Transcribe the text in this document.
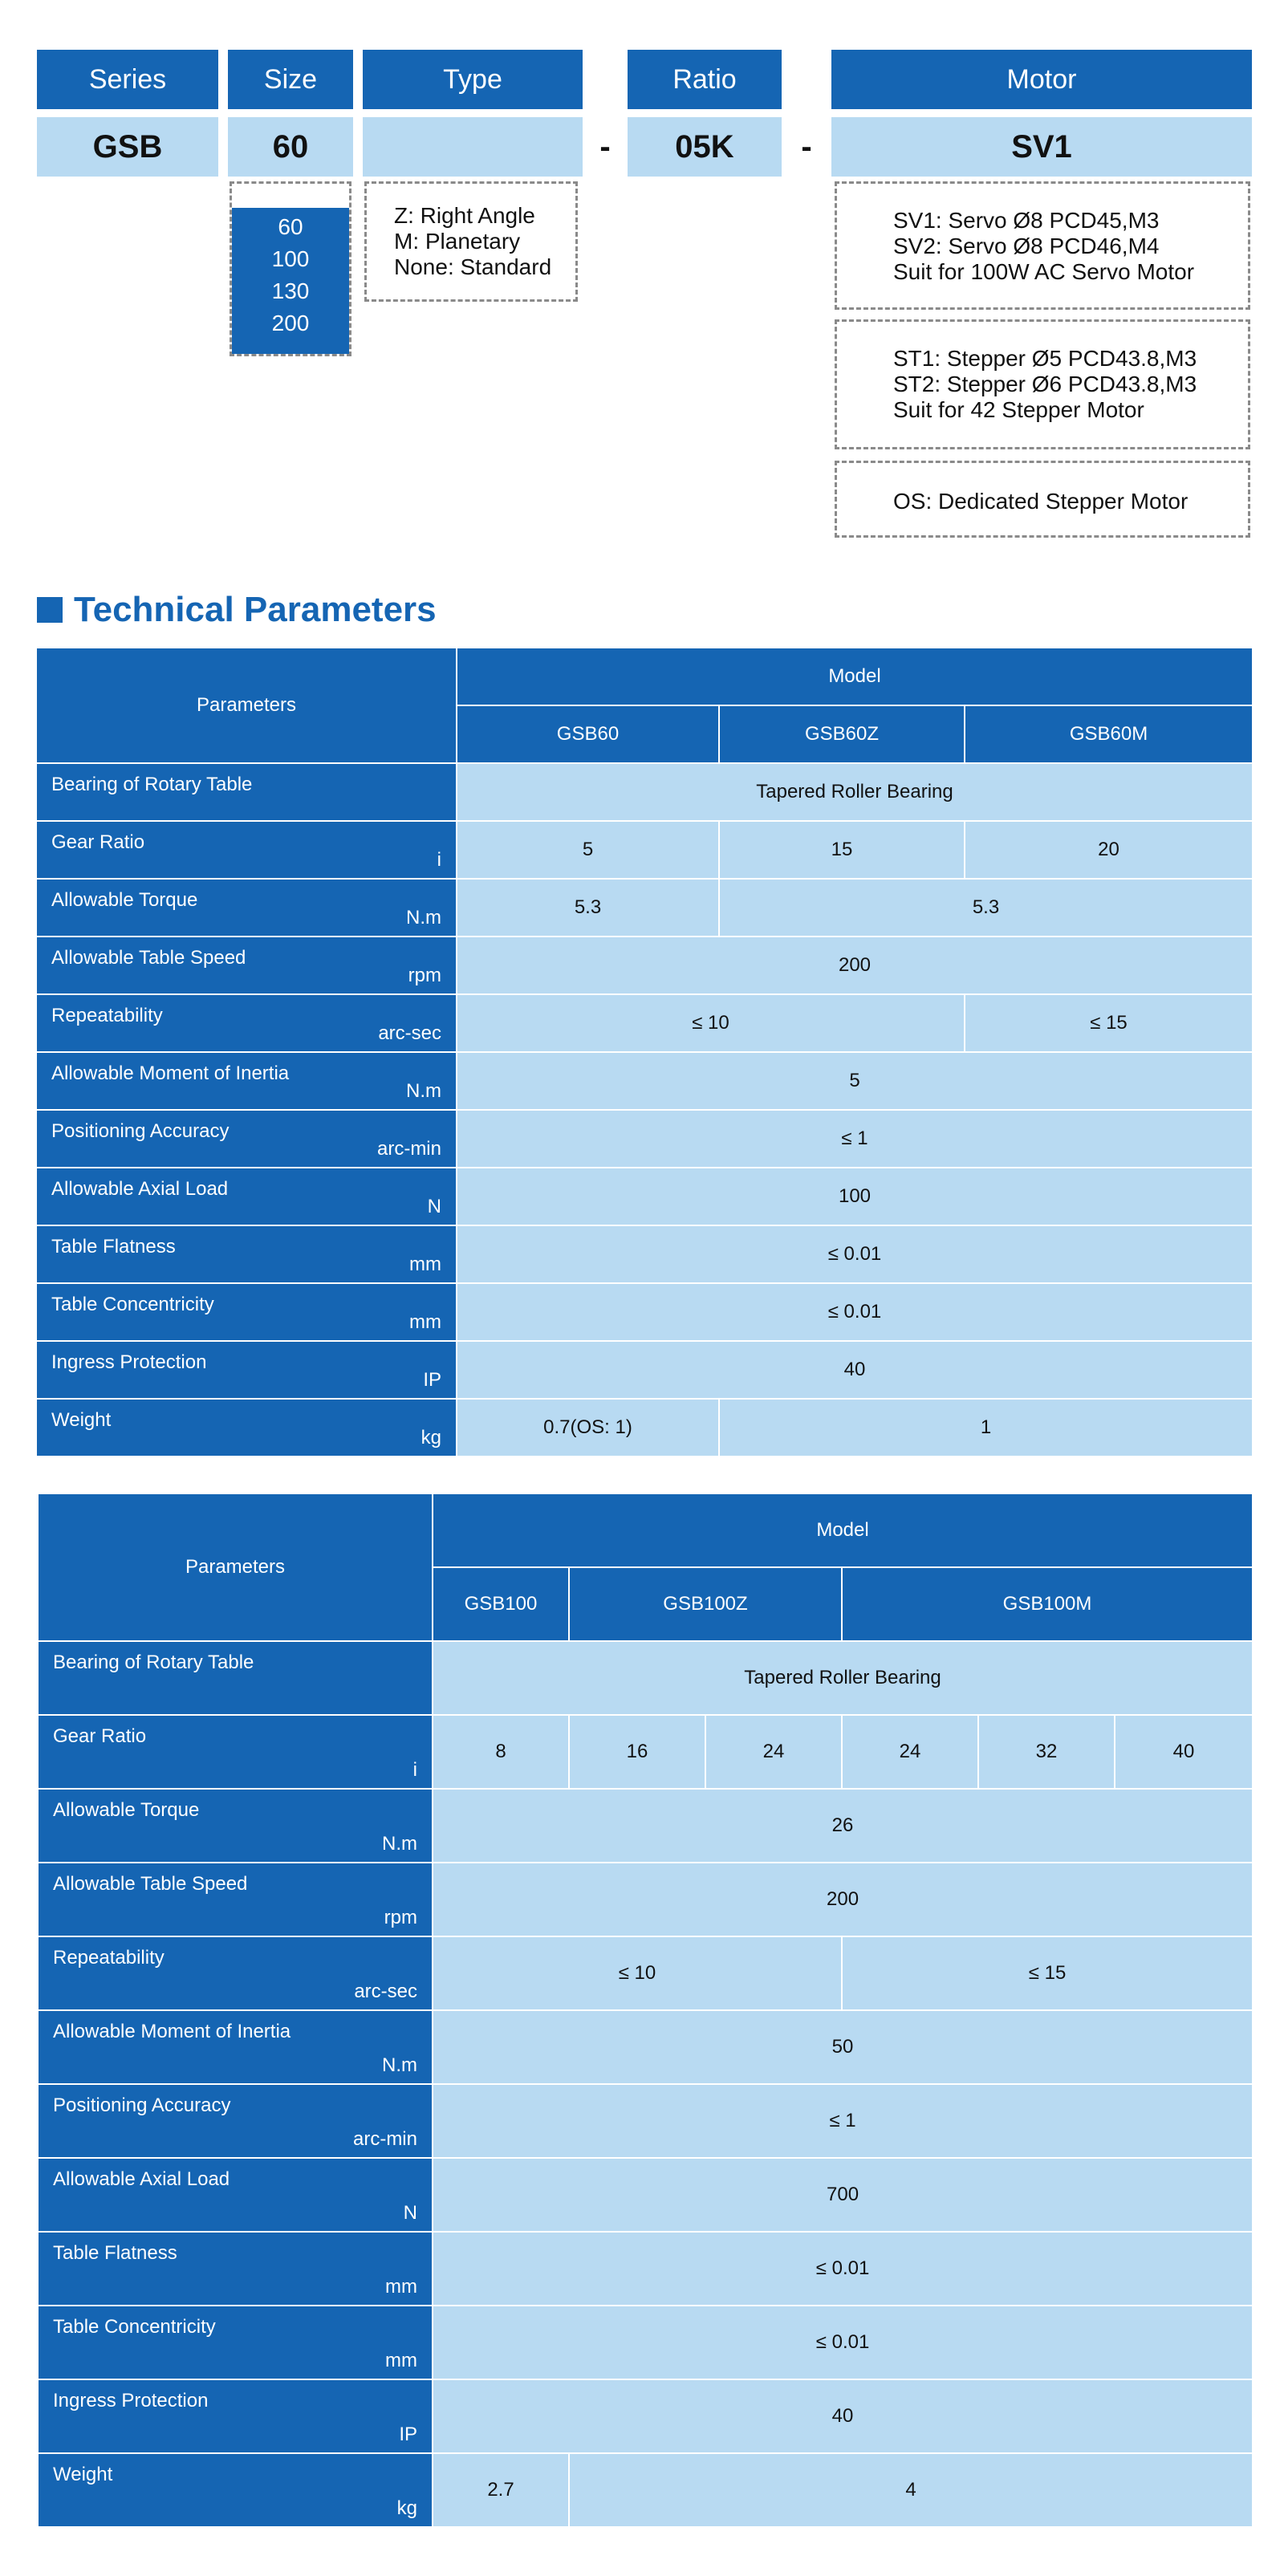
Series	Size	Type	Ratio	Motor
GSB	60	-	05K	-	SV1
60
100
130
200
Z: Right Angle
M: Planetary
None: Standard
SV1: Servo Ø8 PCD45,M3
SV2: Servo Ø8 PCD46,M4
Suit for 100W AC Servo Motor
ST1: Stepper Ø5 PCD43.8,M3
ST2: Stepper Ø6 PCD43.8,M3
Suit for 42 Stepper Motor
OS: Dedicated Stepper Motor
Technical Parameters
Parameters	Model		
	GSB60	GSB60Z	GSB60M

Bearing of Rotary Table	Tapered Roller Bearing		

Gear Ratio
i	5	15	20

Allowable Torque
N.m	5.3	5.3	

Allowable Table Speed
rpm	200		

Repeatability
arc-sec	≤ 10		≤ 15

Allowable Moment of Inertia
N.m	5		

Positioning Accuracy
arc-min	≤ 1		

Allowable Axial Load
N	100		

Table Flatness
mm	≤ 0.01		

Table Concentricity
mm	≤ 0.01		

Ingress Protection
IP	40		

Weight
kg	0.7(OS: 1)	1	
Parameters	Model					
	GSB100	GSB100Z		GSB100M		

Bearing of Rotary Table	Tapered Roller Bearing					

Gear Ratio
i	8	16	24	24	32	40

Allowable Torque
N.m	26					

Allowable Table Speed
rpm	200					

Repeatability
arc-sec	≤ 10			≤ 15		

Allowable Moment of Inertia
N.m	50					

Positioning Accuracy
arc-min	≤ 1					

Allowable Axial Load
N	700					

Table Flatness
mm	≤ 0.01					

Table Concentricity
mm	≤ 0.01					

Ingress Protection
IP	40					

Weight
kg	2.7	4				
